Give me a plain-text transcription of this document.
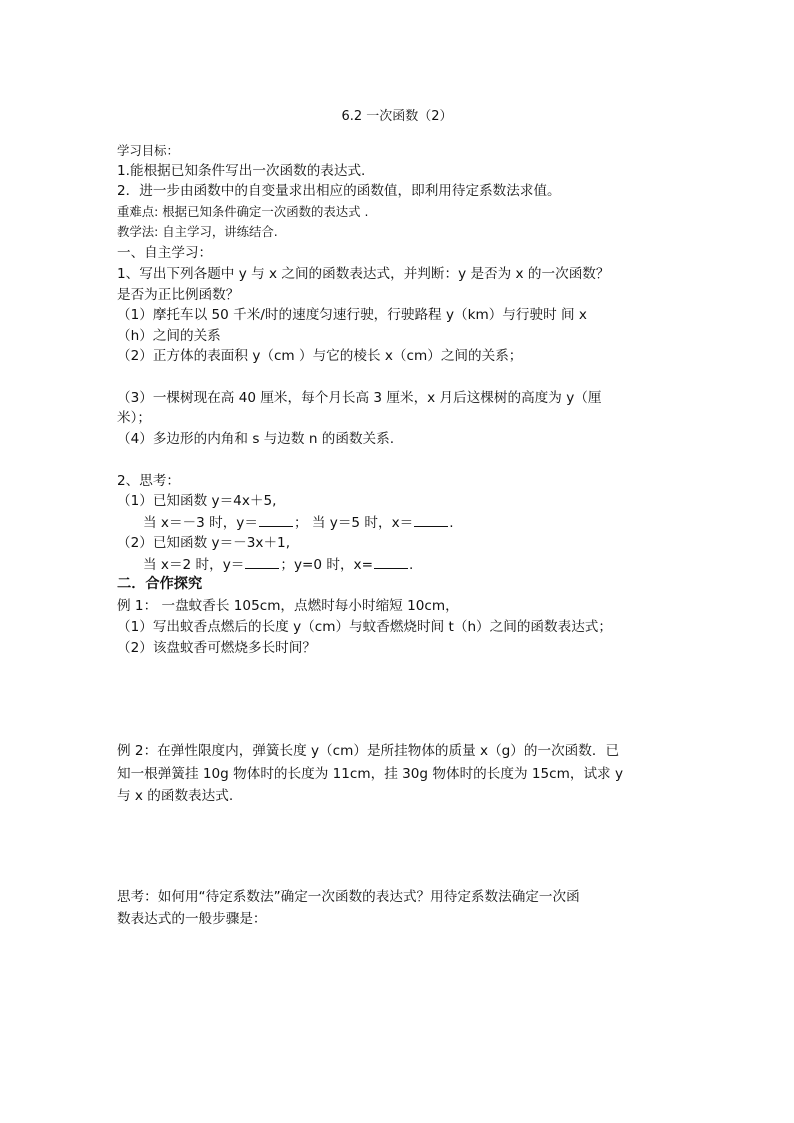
6.2 一次函数（2）
学习目标：
1.能根据已知条件写出一次函数的表达式.
2．进一步由函数中的自变量求出相应的函数值，即利用待定系数法求值。
重难点: 根据已知条件确定一次函数的表达式 .
教学法: 自主学习，讲练结合.
一、自主学习：
1、写出下列各题中 y 与 x 之间的函数表达式，并判断：y 是否为 x 的一次函数？
是否为正比例函数？
（1）摩托车以 50 千米/时的速度匀速行驶，行驶路程 y（km）与行驶时 间 x
（h）之间的关系
（2）正方体的表面积 y（cm ）与它的棱长 x（cm）之间的关系；
（3）一棵树现在高 40 厘米，每个月长高 3 厘米，x 月后这棵树的高度为 y（厘
米）；
（4）多边形的内角和 s 与边数 n 的函数关系.
2、思考：
（1）已知函数 y＝4x＋5,
当 x＝－3 时，y＝	； 当 y＝5 时，x＝	.
（2）已知函数 y＝－3x＋1,
当 x＝2 时，y＝	；y=0 时，x=	.
二．合作探究
例 1： 一盘蚊香长 105cm，点燃时每小时缩短 10cm，
（1）写出蚊香点燃后的长度 y（cm）与蚊香燃烧时间 t（h）之间的函数表达式；
（2）该盘蚊香可燃烧多长时间？
例 2：在弹性限度内，弹簧长度 y（cm）是所挂物体的质量 x（g）的一次函数．已
知一根弹簧挂 10g 物体时的长度为 11cm，挂 30g 物体时的长度为 15cm，试求 y
与 x 的函数表达式.
思考：如何用“待定系数法”确定一次函数的表达式？用待定系数法确定一次函
数表达式的一般步骤是：
